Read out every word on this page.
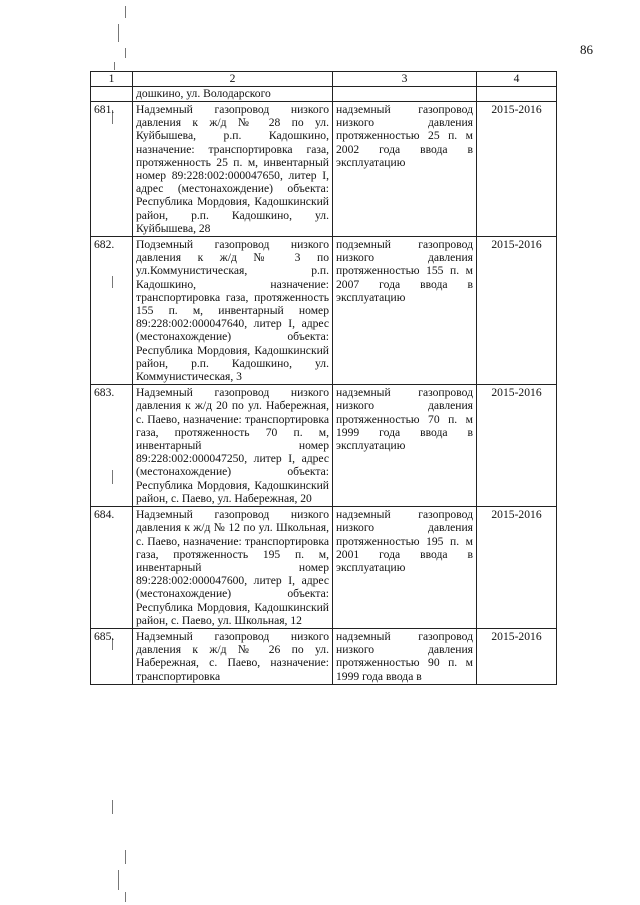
86
1	2	3	4
	дошкино, ул. Володарского		
681.	Надземный газопровод низкого давления к ж/д № 28 по ул. Куйбышева, р.п. Кадошкино, назначение: транспортировка газа, протяженность 25 п. м, инвентарный номер 89:228:002:000047650, литер I, адрес (местонахождение) объекта: Республика Мордовия, Кадошкинский район, р.п. Кадошкино, ул. Куйбышева, 28	надземный газопровод низкого давления протяженностью 25 п. м 2002 года ввода в эксплуатацию	2015-2016
682.	Подземный газопровод низкого давления к ж/д № 3 по ул.Коммунистическая, р.п. Кадошкино, назначение: транспортировка газа, протяженность 155 п. м, инвентарный номер 89:228:002:000047640, литер I, адрес (местонахождение) объекта: Республика Мордовия, Кадошкинский район, р.п. Кадошкино, ул. Коммунистическая, 3	подземный газопровод низкого давления протяженностью 155 п. м 2007 года ввода в эксплуатацию	2015-2016
683.	Надземный газопровод низкого давления к ж/д 20 по ул. Набережная, с. Паево, назначение: транспортировка газа, протяженность 70 п. м, инвентарный номер 89:228:002:000047250, литер I, адрес (местонахождение) объекта: Республика Мордовия, Кадошкинский район, с. Паево, ул. Набережная, 20	надземный газопровод низкого давления протяженностью 70 п. м 1999 года ввода в эксплуатацию	2015-2016
684.	Надземный газопровод низкого давления к ж/д № 12 по ул. Школьная, с. Паево, назначение: транспортировка газа, протяженность 195 п. м, инвентарный номер 89:228:002:000047600, литер I, адрес (местонахождение) объекта: Республика Мордовия, Кадошкинский район, с. Паево, ул. Школьная, 12	надземный газопровод низкого давления протяженностью 195 п. м 2001 года ввода в эксплуатацию	2015-2016
685.	Надземный газопровод низкого давления к ж/д № 26 по ул. Набережная, с. Паево, назначение: транспортировка	надземный газопровод низкого давления протяженностью 90 п. м 1999 года ввода в	2015-2016
